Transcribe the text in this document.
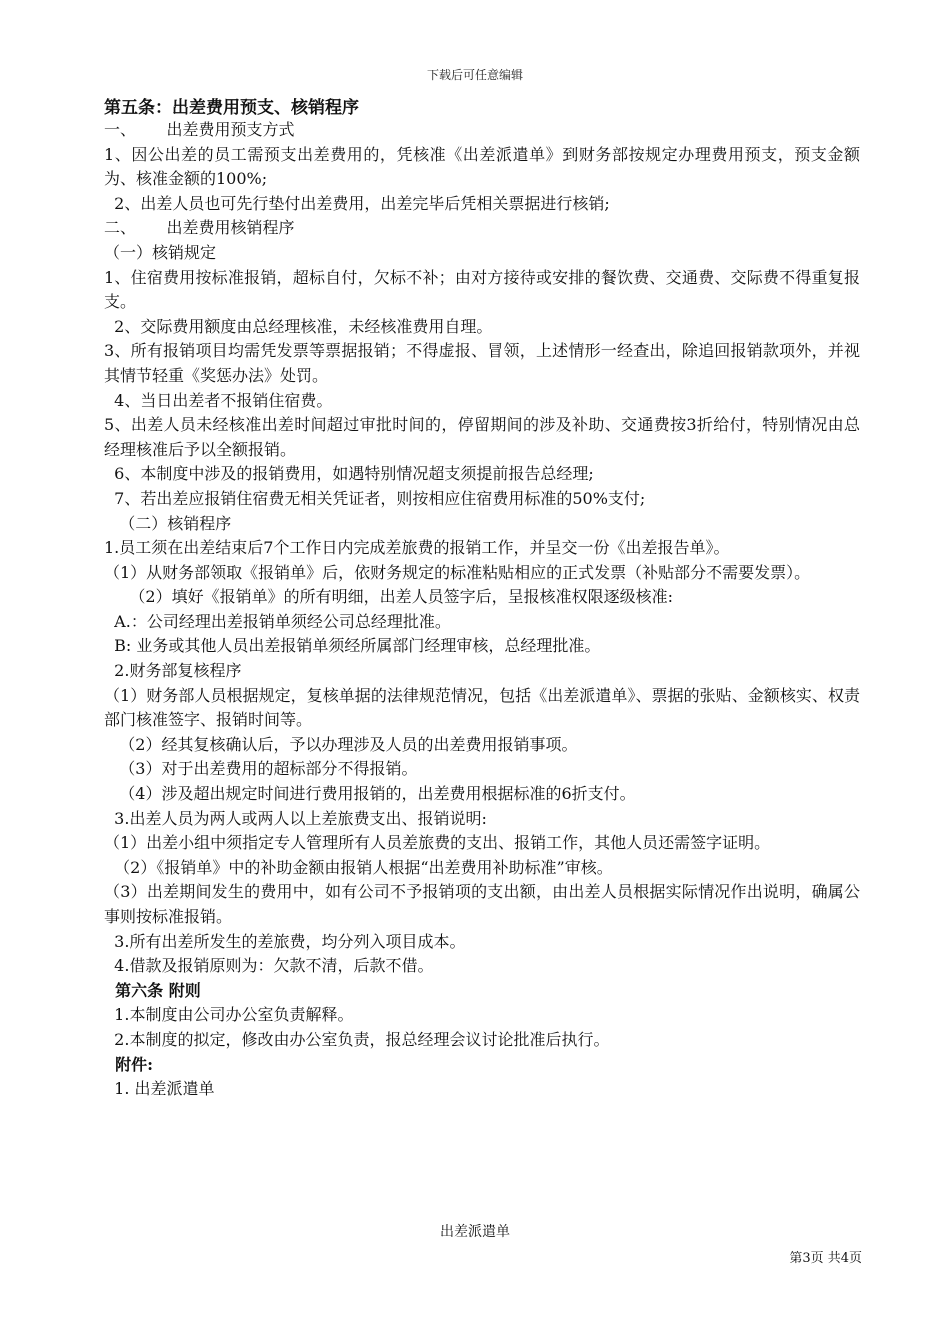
下载后可任意编辑
第五条：出差费用预支、核销程序
一、      出差费用预支方式
1、因公出差的员工需预支出差费用的，凭核准《出差派遣单》到财务部按规定办理费用预支，预支金额为、核准金额的100%;
2、出差人员也可先行垫付出差费用，出差完毕后凭相关票据进行核销;
二、      出差费用核销程序
（一）核销规定
1、住宿费用按标准报销，超标自付，欠标不补；由对方接待或安排的餐饮费、交通费、交际费不得重复报支。
2、交际费用额度由总经理核准，未经核准费用自理。
3、所有报销项目均需凭发票等票据报销；不得虚报、冒领，上述情形一经查出，除追回报销款项外，并视其情节轻重《奖惩办法》处罚。
4、当日出差者不报销住宿费。
5、出差人员未经核准出差时间超过审批时间的，停留期间的涉及补助、交通费按3折给付，特别情况由总经理核准后予以全额报销。
6、本制度中涉及的报销费用，如遇特别情况超支须提前报告总经理;
7、若出差应报销住宿费无相关凭证者，则按相应住宿费用标准的50%支付;
（二）核销程序
1.员工须在出差结束后7个工作日内完成差旅费的报销工作，并呈交一份《出差报告单》。
（1）从财务部领取《报销单》后，依财务规定的标准粘贴相应的正式发票（补贴部分不需要发票）。
（2）填好《报销单》的所有明细，出差人员签字后，呈报核准权限逐级核准:
A.：公司经理出差报销单须经公司总经理批准。
B: 业务或其他人员出差报销单须经所属部门经理审核，总经理批准。
2.财务部复核程序
（1）财务部人员根据规定，复核单据的法律规范情况，包括《出差派遣单》、票据的张贴、金额核实、权责部门核准签字、报销时间等。
（2）经其复核确认后，予以办理涉及人员的出差费用报销事项。
（3）对于出差费用的超标部分不得报销。
（4）涉及超出规定时间进行费用报销的，出差费用根据标准的6折支付。
3.出差人员为两人或两人以上差旅费支出、报销说明:
（1）出差小组中须指定专人管理所有人员差旅费的支出、报销工作，其他人员还需签字证明。
（2）《报销单》中的补助金额由报销人根据“出差费用补助标准”审核。
（3）出差期间发生的费用中，如有公司不予报销项的支出额，由出差人员根据实际情况作出说明，确属公事则按标准报销。
3.所有出差所发生的差旅费，均分列入项目成本。
4.借款及报销原则为：欠款不清，后款不借。
第六条 附则
1.本制度由公司办公室负责解释。
2.本制度的拟定，修改由办公室负责，报总经理会议讨论批准后执行。
附件:
1. 出差派遣单
出差派遣单
第3页 共4页
